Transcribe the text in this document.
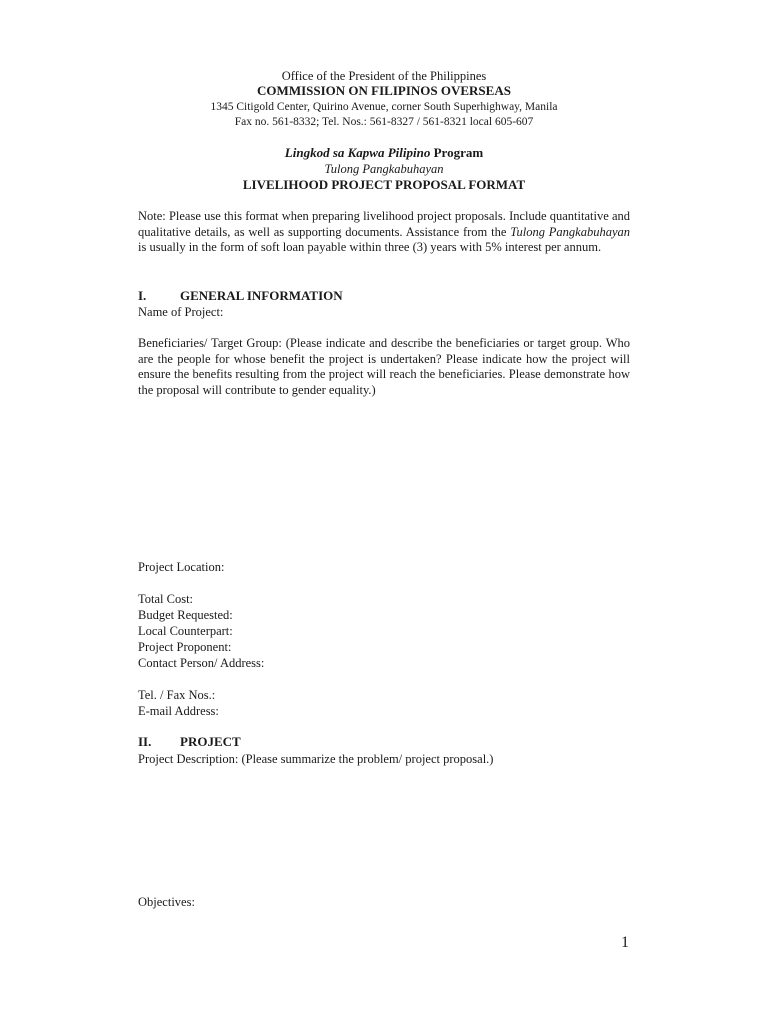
Office of the President of the Philippines
COMMISSION ON FILIPINOS OVERSEAS
1345 Citigold Center, Quirino Avenue, corner South Superhighway, Manila
Fax no. 561-8332; Tel. Nos.: 561-8327 / 561-8321 local 605-607
Lingkod sa Kapwa Pilipino Program
Tulong Pangkabuhayan
LIVELIHOOD PROJECT PROPOSAL FORMAT
Note: Please use this format when preparing livelihood project proposals. Include quantitative and qualitative details, as well as supporting documents. Assistance from the Tulong Pangkabuhayan is usually in the form of soft loan payable within three (3) years with 5% interest per annum.
I.	GENERAL INFORMATION
Name of Project:
Beneficiaries/ Target Group: (Please indicate and describe the beneficiaries or target group. Who are the people for whose benefit the project is undertaken? Please indicate how the project will ensure the benefits resulting from the project will reach the beneficiaries. Please demonstrate how the proposal will contribute to gender equality.)
Project Location:
Total Cost:
Budget Requested:
Local Counterpart:
Project Proponent:
Contact Person/ Address:
Tel. / Fax Nos.:
E-mail Address:
II. PROJECT
Project Description: (Please summarize the problem/ project proposal.)
Objectives:
1
